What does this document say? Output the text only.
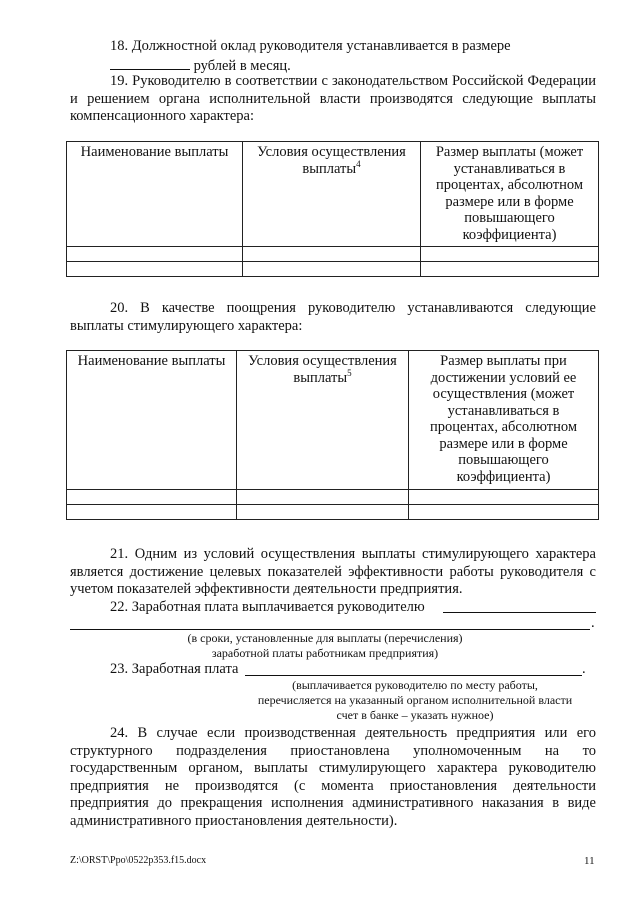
18. Должностной оклад руководителя устанавливается в размере
рублей в месяц.

19. Руководителю в соответствии с законодательством Российской Федерации и решением органа исполнительной власти производятся следующие выплаты компенсационного характера:

Наименование выплаты	Условия осуществления выплаты$^4$	Размер выплаты (может устанавливаться в процентах, абсолютном размере или в форме повышающего коэффициента)

20. В качестве поощрения руководителю устанавливаются следующие выплаты стимулирующего характера:

Наименование выплаты	Условия осуществления выплаты$^5$	Размер выплаты при достижении условий ее осуществления (может устанавливаться в процентах, абсолютном размере или в форме повышающего коэффициента)

21. Одним из условий осуществления выплаты стимулирующего характера является достижение целевых показателей эффективности работы руководителя с учетом показателей эффективности деятельности предприятия.

22. Заработная плата выплачивается руководителю

.

(в сроки, установленные для выплаты (перечисления) заработной платы работникам предприятия)

23. Заработная плата	.

(выплачивается руководителю по месту работы, перечисляется на указанный органом исполнительной власти счет в банке – указать нужное)

24. В случае если производственная деятельность предприятия или его структурного подразделения приостановлена уполномоченным на то государственным органом, выплаты стимулирующего характера руководителю предприятия не производятся (с момента приостановления деятельности предприятия до прекращения исполнения административного наказания в виде административного приостановления деятельности).

Z:\ORST\Ppo\0522p353.f15.docx	11
